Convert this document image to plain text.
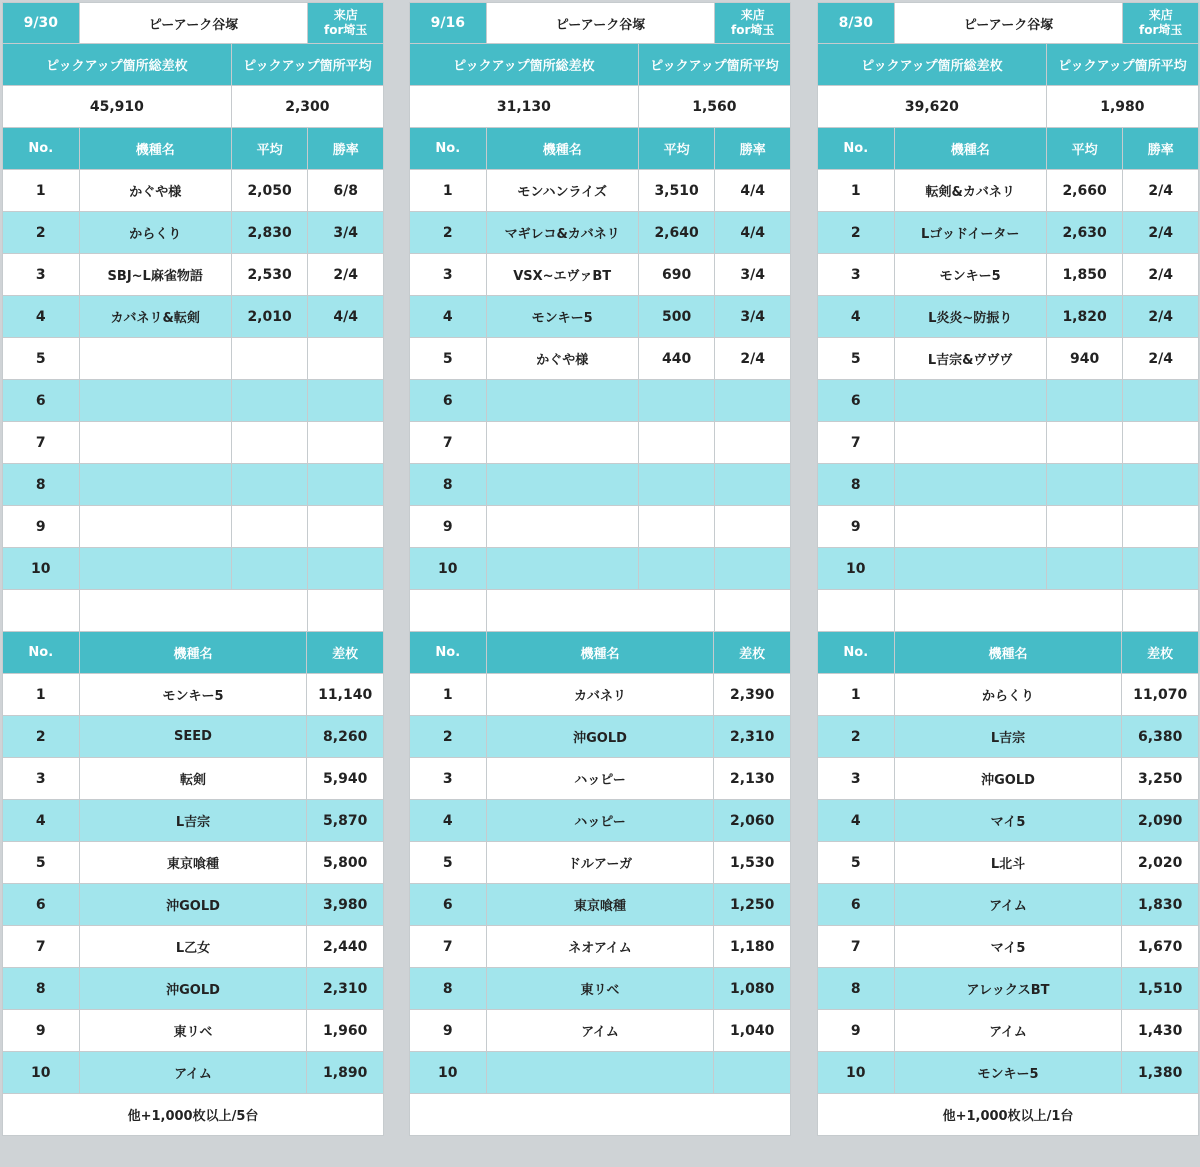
9/30	ピーアーク谷塚
来店
for埼玉
ピックアップ箇所総差枚	ピックアップ箇所平均
45,910	2,300
No.	機種名	平均	勝率
1	かぐや様	2,050	6/8
2	からくり	2,830	3/4
3	SBJ~L麻雀物語	2,530	2/4
4	カバネリ&転剣	2,010	4/4
5
6
7
8
9
10
No.	機種名	差枚
1	モンキー5	11,140
2	SEED	8,260
3	転剣	5,940
4	L吉宗	5,870
5	東京喰種	5,800
6	沖GOLD	3,980
7	L乙女	2,440
8	沖GOLD	2,310
9	東リベ	1,960
10	アイム	1,890
他+1,000枚以上/5台
9/16	ピーアーク谷塚
来店
for埼玉
ピックアップ箇所総差枚	ピックアップ箇所平均
31,130	1,560
No.	機種名	平均	勝率
1	モンハンライズ	3,510	4/4
2	マギレコ&カバネリ	2,640	4/4
3	VSX~エヴァBT	690	3/4
4	モンキー5	500	3/4
5	かぐや様	440	2/4
6
7
8
9
10
No.	機種名	差枚
1	カバネリ	2,390
2	沖GOLD	2,310
3	ハッピー	2,130
4	ハッピー	2,060
5	ドルアーガ	1,530
6	東京喰種	1,250
7	ネオアイム	1,180
8	東リベ	1,080
9	アイム	1,040
10
8/30	ピーアーク谷塚
来店
for埼玉
ピックアップ箇所総差枚	ピックアップ箇所平均
39,620	1,980
No.	機種名	平均	勝率
1	転剣&カバネリ	2,660	2/4
2	Lゴッドイーター	2,630	2/4
3	モンキー5	1,850	2/4
4	L炎炎~防振り	1,820	2/4
5	L吉宗&ヴヴヴ	940	2/4
6
7
8
9
10
No.	機種名	差枚
1	からくり	11,070
2	L吉宗	6,380
3	沖GOLD	3,250
4	マイ5	2,090
5	L北斗	2,020
6	アイム	1,830
7	マイ5	1,670
8	アレックスBT	1,510
9	アイム	1,430
10	モンキー5	1,380
他+1,000枚以上/1台
